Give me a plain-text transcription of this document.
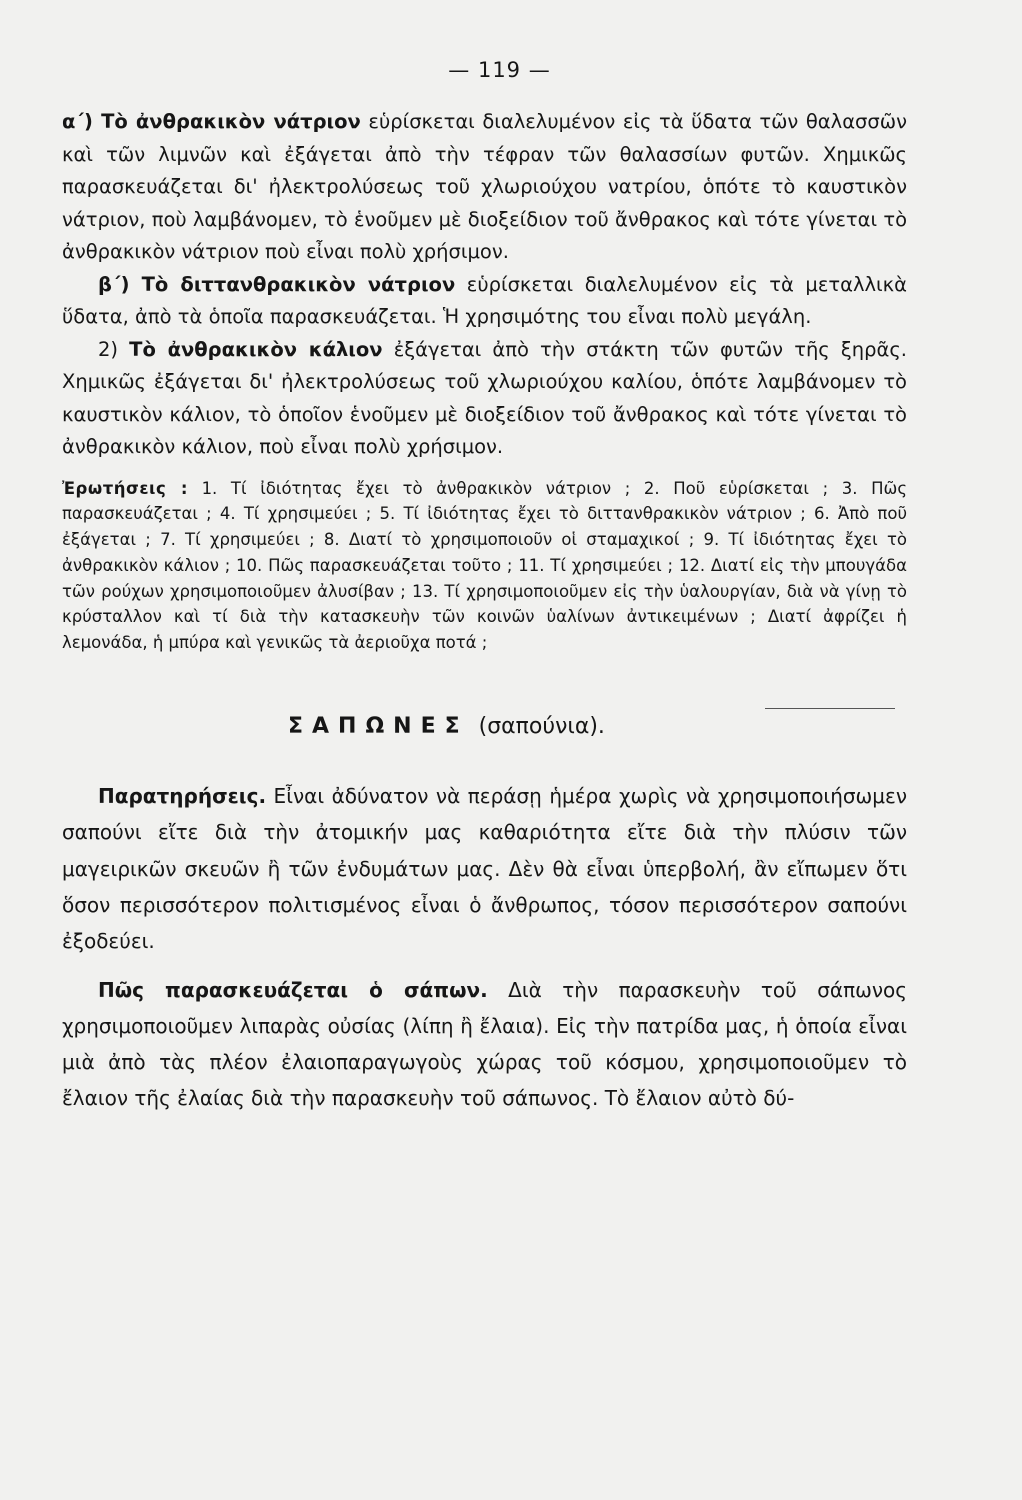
— 119 —

α΄) Τὸ ἀνθρακικὸν νάτριον εὑρίσκεται διαλελυμένον εἰς τὰ ὕδατα τῶν θαλασσῶν καὶ τῶν λιμνῶν καὶ ἐξάγεται ἀπὸ τὴν τέφραν τῶν θαλασσίων φυτῶν. Χημικῶς παρασκευάζεται δι' ἠλεκτρολύσεως τοῦ χλωριούχου νατρίου, ὁπότε τὸ καυστικὸν νάτριον, ποὺ λαμβάνομεν, τὸ ἑνοῦμεν μὲ διοξείδιον τοῦ ἄνθρακος καὶ τότε γίνεται τὸ ἀνθρακικὸν νάτριον ποὺ εἶναι πολὺ χρήσιμον.

β΄) Τὸ διττανθρακικὸν νάτριον εὑρίσκεται διαλελυμένον εἰς τὰ μεταλλικὰ ὕδατα, ἀπὸ τὰ ὁποῖα παρασκευάζεται. Ἡ χρησιμότης του εἶναι πολὺ μεγάλη.

2) Τὸ ἀνθρακικὸν κάλιον ἐξάγεται ἀπὸ τὴν στάκτη τῶν φυτῶν τῆς ξηρᾶς. Χημικῶς ἐξάγεται δι' ἠλεκτρολύσεως τοῦ χλωριούχου καλίου, ὁπότε λαμβάνομεν τὸ καυστικὸν κάλιον, τὸ ὁποῖον ἑνοῦμεν μὲ διοξείδιον τοῦ ἄνθρακος καὶ τότε γίνεται τὸ ἀνθρακικὸν κάλιον, ποὺ εἶναι πολὺ χρήσιμον.

Ἐρωτήσεις : 1. Τί ἰδιότητας ἔχει τὸ ἀνθρακικὸν νάτριον ; 2. Ποῦ εὑρίσκεται ; 3. Πῶς παρασκευάζεται ; 4. Τί χρησιμεύει ; 5. Τί ἰδιότητας ἔχει τὸ διττανθρακικὸν νάτριον ; 6. Ἀπὸ ποῦ ἐξάγεται ; 7. Τί χρησιμεύει ; 8. Διατί τὸ χρησιμοποιοῦν οἱ σταμαχικοί ; 9. Τί ἰδιότητας ἔχει τὸ ἀνθρακικὸν κάλιον ; 10. Πῶς παρασκευάζεται τοῦτο ; 11. Τί χρησιμεύει ; 12. Διατί εἰς τὴν μπουγάδα τῶν ρούχων χρησιμοποιοῦμεν ἀλυσίβαν ; 13. Τί χρησιμοποιοῦμεν εἰς τὴν ὑαλουργίαν, διὰ νὰ γίνῃ τὸ κρύσταλλον καὶ τί διὰ τὴν κατασκευὴν τῶν κοινῶν ὑαλίνων ἀντικειμένων ; Διατί ἀφρίζει ἡ λεμονάδα, ἡ μπύρα καὶ γενικῶς τὰ ἀεριοῦχα ποτά ;
ΣΑΠΩΝΕΣ (σαπούνια).

Παρατηρήσεις. Εἶναι ἀδύνατον νὰ περάσῃ ἡμέρα χωρὶς νὰ χρησιμοποιήσωμεν σαπούνι εἴτε διὰ τὴν ἀτομικήν μας καθαριότητα εἴτε διὰ τὴν πλύσιν τῶν μαγειρικῶν σκευῶν ἢ τῶν ἐνδυμάτων μας. Δὲν θὰ εἶναι ὑπερβολή, ἂν εἴπωμεν ὅτι ὅσον περισσότερον πολιτισμένος εἶναι ὁ ἄνθρωπος, τόσον περισσότερον σαπούνι ἐξοδεύει.

Πῶς παρασκευάζεται ὁ σάπων. Διὰ τὴν παρασκευὴν τοῦ σάπωνος χρησιμοποιοῦμεν λιπαρὰς οὐσίας (λίπη ἢ ἔλαια). Εἰς τὴν πατρίδα μας, ἡ ὁποία εἶναι μιὰ ἀπὸ τὰς πλέον ἐλαιοπαραγωγοὺς χώρας τοῦ κόσμου, χρησιμοποιοῦμεν τὸ ἔλαιον τῆς ἐλαίας διὰ τὴν παρασκευὴν τοῦ σάπωνος. Τὸ ἔλαιον αὐτὸ δύ-
